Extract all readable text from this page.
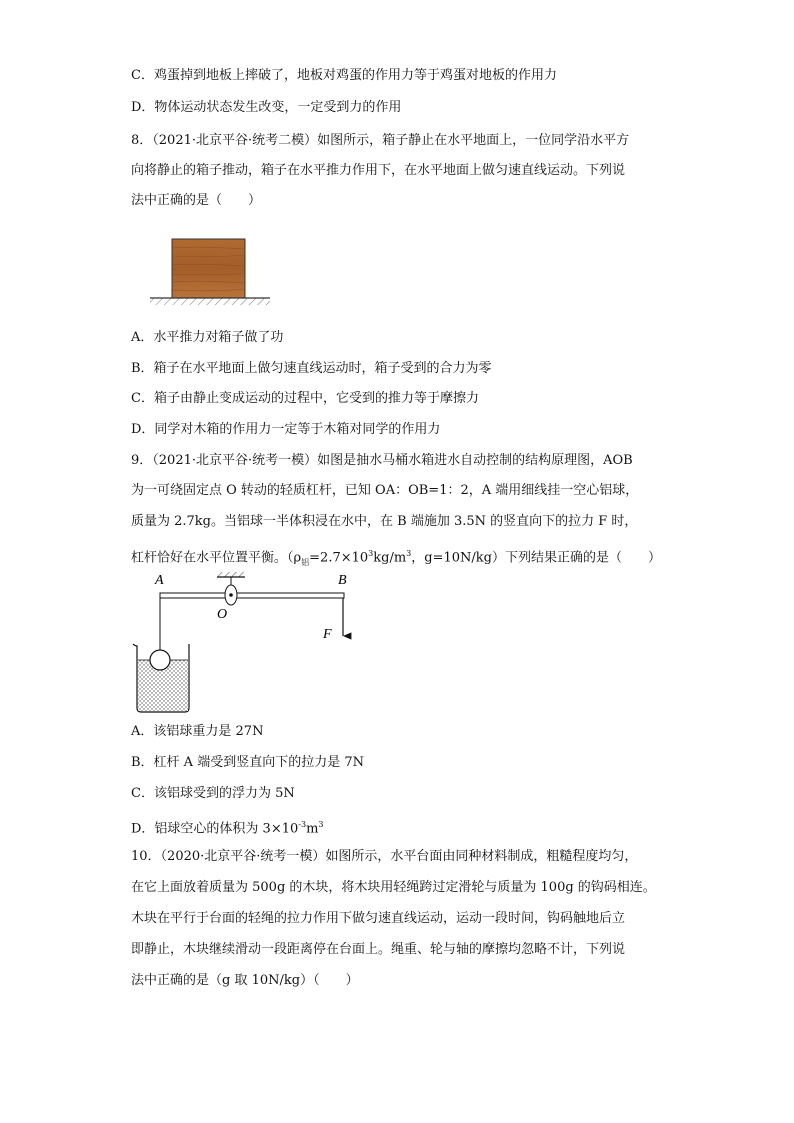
C．鸡蛋掉到地板上摔破了，地板对鸡蛋的作用力等于鸡蛋对地板的作用力
D．物体运动状态发生改变，一定受到力的作用
8．（2021·北京平谷·统考二模）如图所示，箱子静止在水平地面上，一位同学沿水平方
向将静止的箱子推动，箱子在水平推力作用下，在水平地面上做匀速直线运动。下列说
法中正确的是（　　）
A．水平推力对箱子做了功
B．箱子在水平地面上做匀速直线运动时，箱子受到的合力为零
C．箱子由静止变成运动的过程中，它受到的推力等于摩擦力
D．同学对木箱的作用力一定等于木箱对同学的作用力
9．（2021·北京平谷·统考一模）如图是抽水马桶水箱进水自动控制的结构原理图，AOB
为一可绕固定点 O 转动的轻质杠杆，已知 OA：OB=1：2，A 端用细线挂一空心铝球，
质量为 2.7kg。当铝球一半体积浸在水中，在 B 端施加 3.5N 的竖直向下的拉力 F 时，
杠杆恰好在水平位置平衡。（$\rho_铝=2.7\times 10^3kg/m^3$，g=10N/kg）下列结果正确的是（　　）
A	B
O
F
A．该铝球重力是 27N
B．杠杆 A 端受到竖直向下的拉力是 7N
C．该铝球受到的浮力为 5N
D．铝球空心的体积为 $3\times 10^{-3}m^3$
10．（2020·北京平谷·统考一模）如图所示，水平台面由同种材料制成，粗糙程度均匀，
在它上面放着质量为 500g 的木块，将木块用轻绳跨过定滑轮与质量为 100g 的钩码相连。
木块在平行于台面的轻绳的拉力作用下做匀速直线运动，运动一段时间，钩码触地后立
即静止，木块继续滑动一段距离停在台面上。绳重、轮与轴的摩擦均忽略不计，下列说
法中正确的是（g 取 10N/kg）（　　）
